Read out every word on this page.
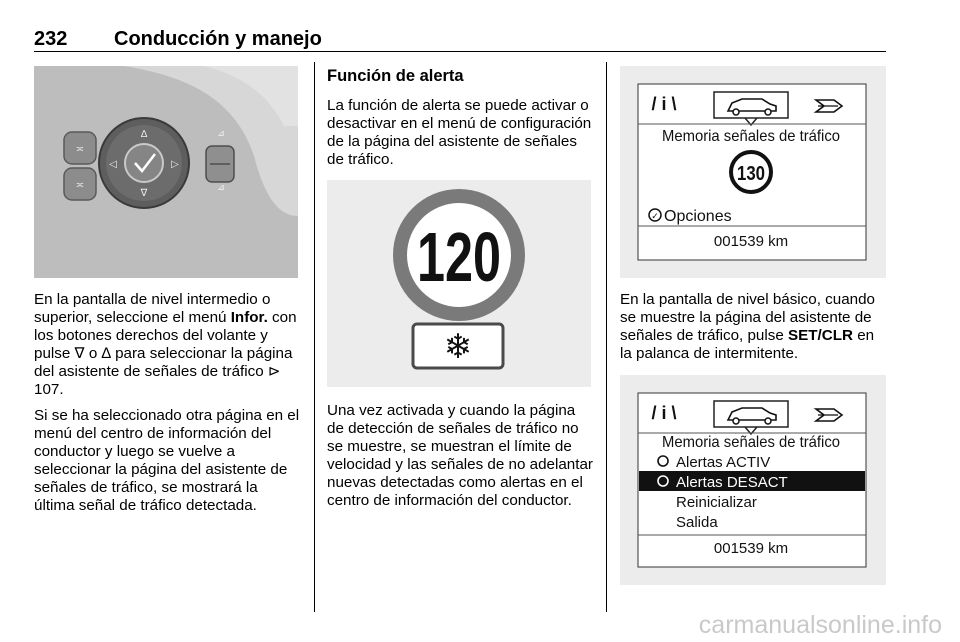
232 Conducción y manejo
≍
≍
∆
∇
◁	▷
⊿
⊿

En la pantalla de nivel intermedio o superior, seleccione el menú Infor. con los botones derechos del volante y pulse ∇ o ∆ para seleccionar la página del asistente de señales de tráfico ⊳ 107.

Si se ha seleccionado otra página en el menú del centro de información del conductor y luego se vuelve a seleccionar la página del asistente de señales de tráfico, se mostrará la última señal de tráfico detectada.

Función de alerta

La función de alerta se puede activar o desactivar en el menú de configuración de la página del asistente de señales de tráfico.

120
❄

Una vez activada y cuando la página de detección de señales de tráfico no se muestre, se muestran el límite de velocidad y las señales de no adelantar nuevas detectadas como alertas en el centro de información del conductor.

/ i \
Memoria señales de tráfico
130
✓ Opciones
001539 km

En la pantalla de nivel básico, cuando se muestre la página del asistente de señales de tráfico, pulse SET/CLR en la palanca de intermitente.

/ i \
Memoria señales de tráfico
Alertas ACTIV
Alertas DESACT
Reinicializar
Salida
001539 km
carmanualsonline.info
